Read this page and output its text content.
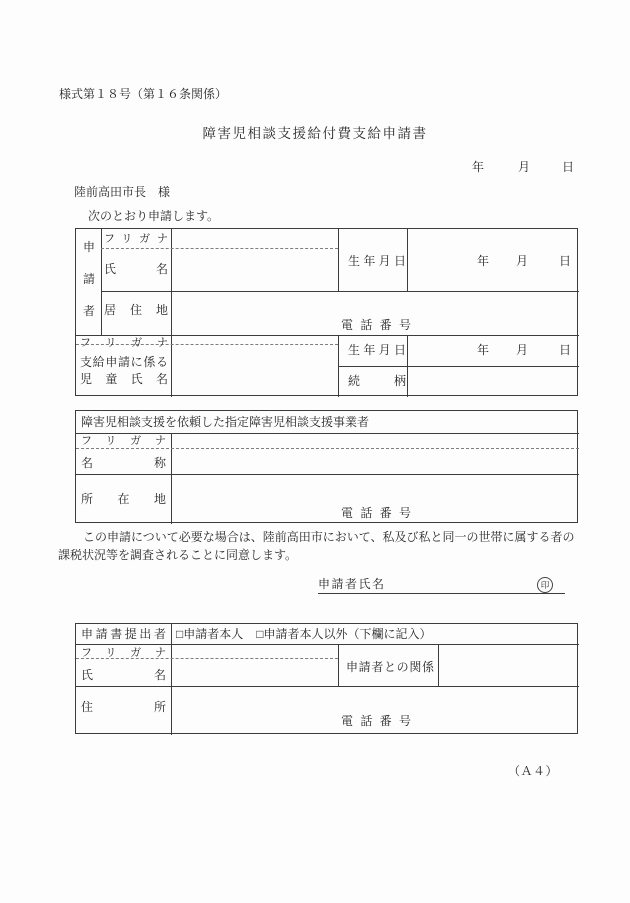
様式第１８号（第１６条関係）
障害児相談支援給付費支給申請書
年	月	日
陸前高田市長　様
次のとおり申請します。
申請者
フリガナ
氏名
生年月日	年 月	日
居住地
電話番号
フリガナ
支給申請に係る
児童氏名
生年月日	年 月	日
続柄
障害児相談支援を依頼した指定障害児相談支援事業者
フリガナ
名称
所在地
電話番号
この申請について必要な場合は、陸前高田市において、私及び私と同一の世帯に属する者の
課税状況等を調査されることに同意します。
申請者氏名	印
申請書提出者 □申請者本人 □申請者本人以外（下欄に記入）
フリガナ
氏名
申請者との関係
住所
電話番号
（Ａ４）
